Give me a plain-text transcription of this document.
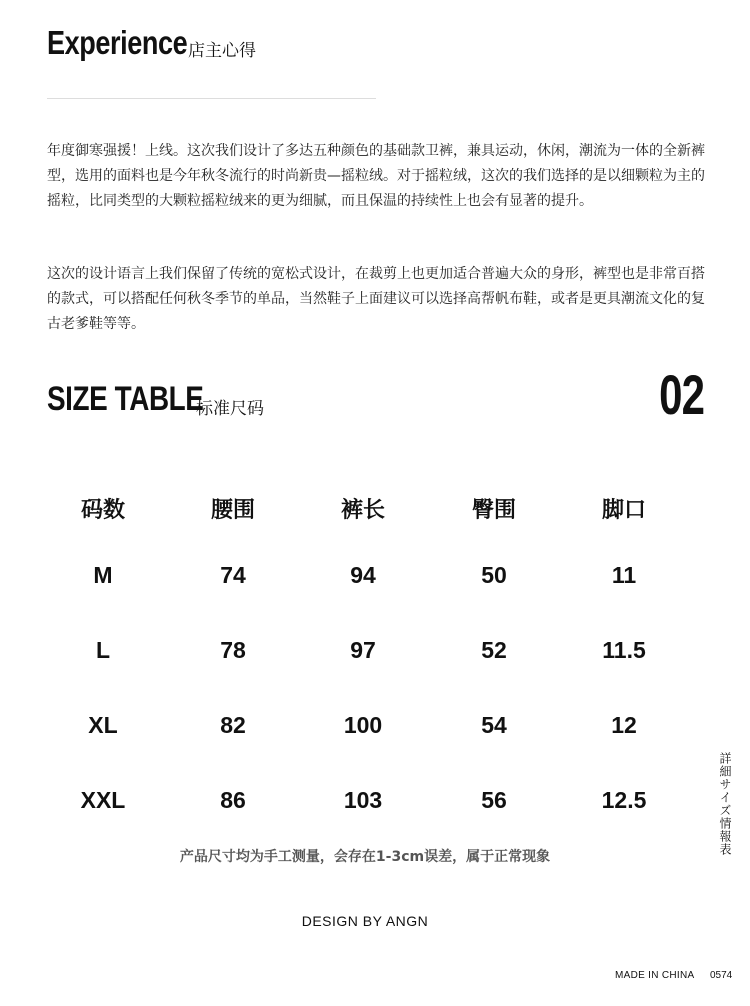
Experience 店主心得
年度御寒强援！上线。这次我们设计了多达五种颜色的基础款卫裤，兼具运动，休闲，潮流为一体的全新裤型，选用的面料也是今年秋冬流行的时尚新贵—摇粒绒。对于摇粒绒，这次的我们选择的是以细颗粒为主的摇粒，比同类型的大颗粒摇粒绒来的更为细腻，而且保温的持续性上也会有显著的提升。
这次的设计语言上我们保留了传统的宽松式设计，在裁剪上也更加适合普遍大众的身形，裤型也是非常百搭的款式，可以搭配任何秋冬季节的单品，当然鞋子上面建议可以选择高帮帆布鞋，或者是更具潮流文化的复古老爹鞋等等。
SIZE TABLE
标准尺码	02
码数	腰围	裤长	臀围	脚口
M	74	94	50	11
L	78	97	52	11.5
XL	82	100	54	12
XXL	86	103	56	12.5
产品尺寸均为手工测量，会存在1-3cm误差，属于正常现象
詳細サイズ情報表
DESIGN BY ANGN
MADE IN CHINA 0574
